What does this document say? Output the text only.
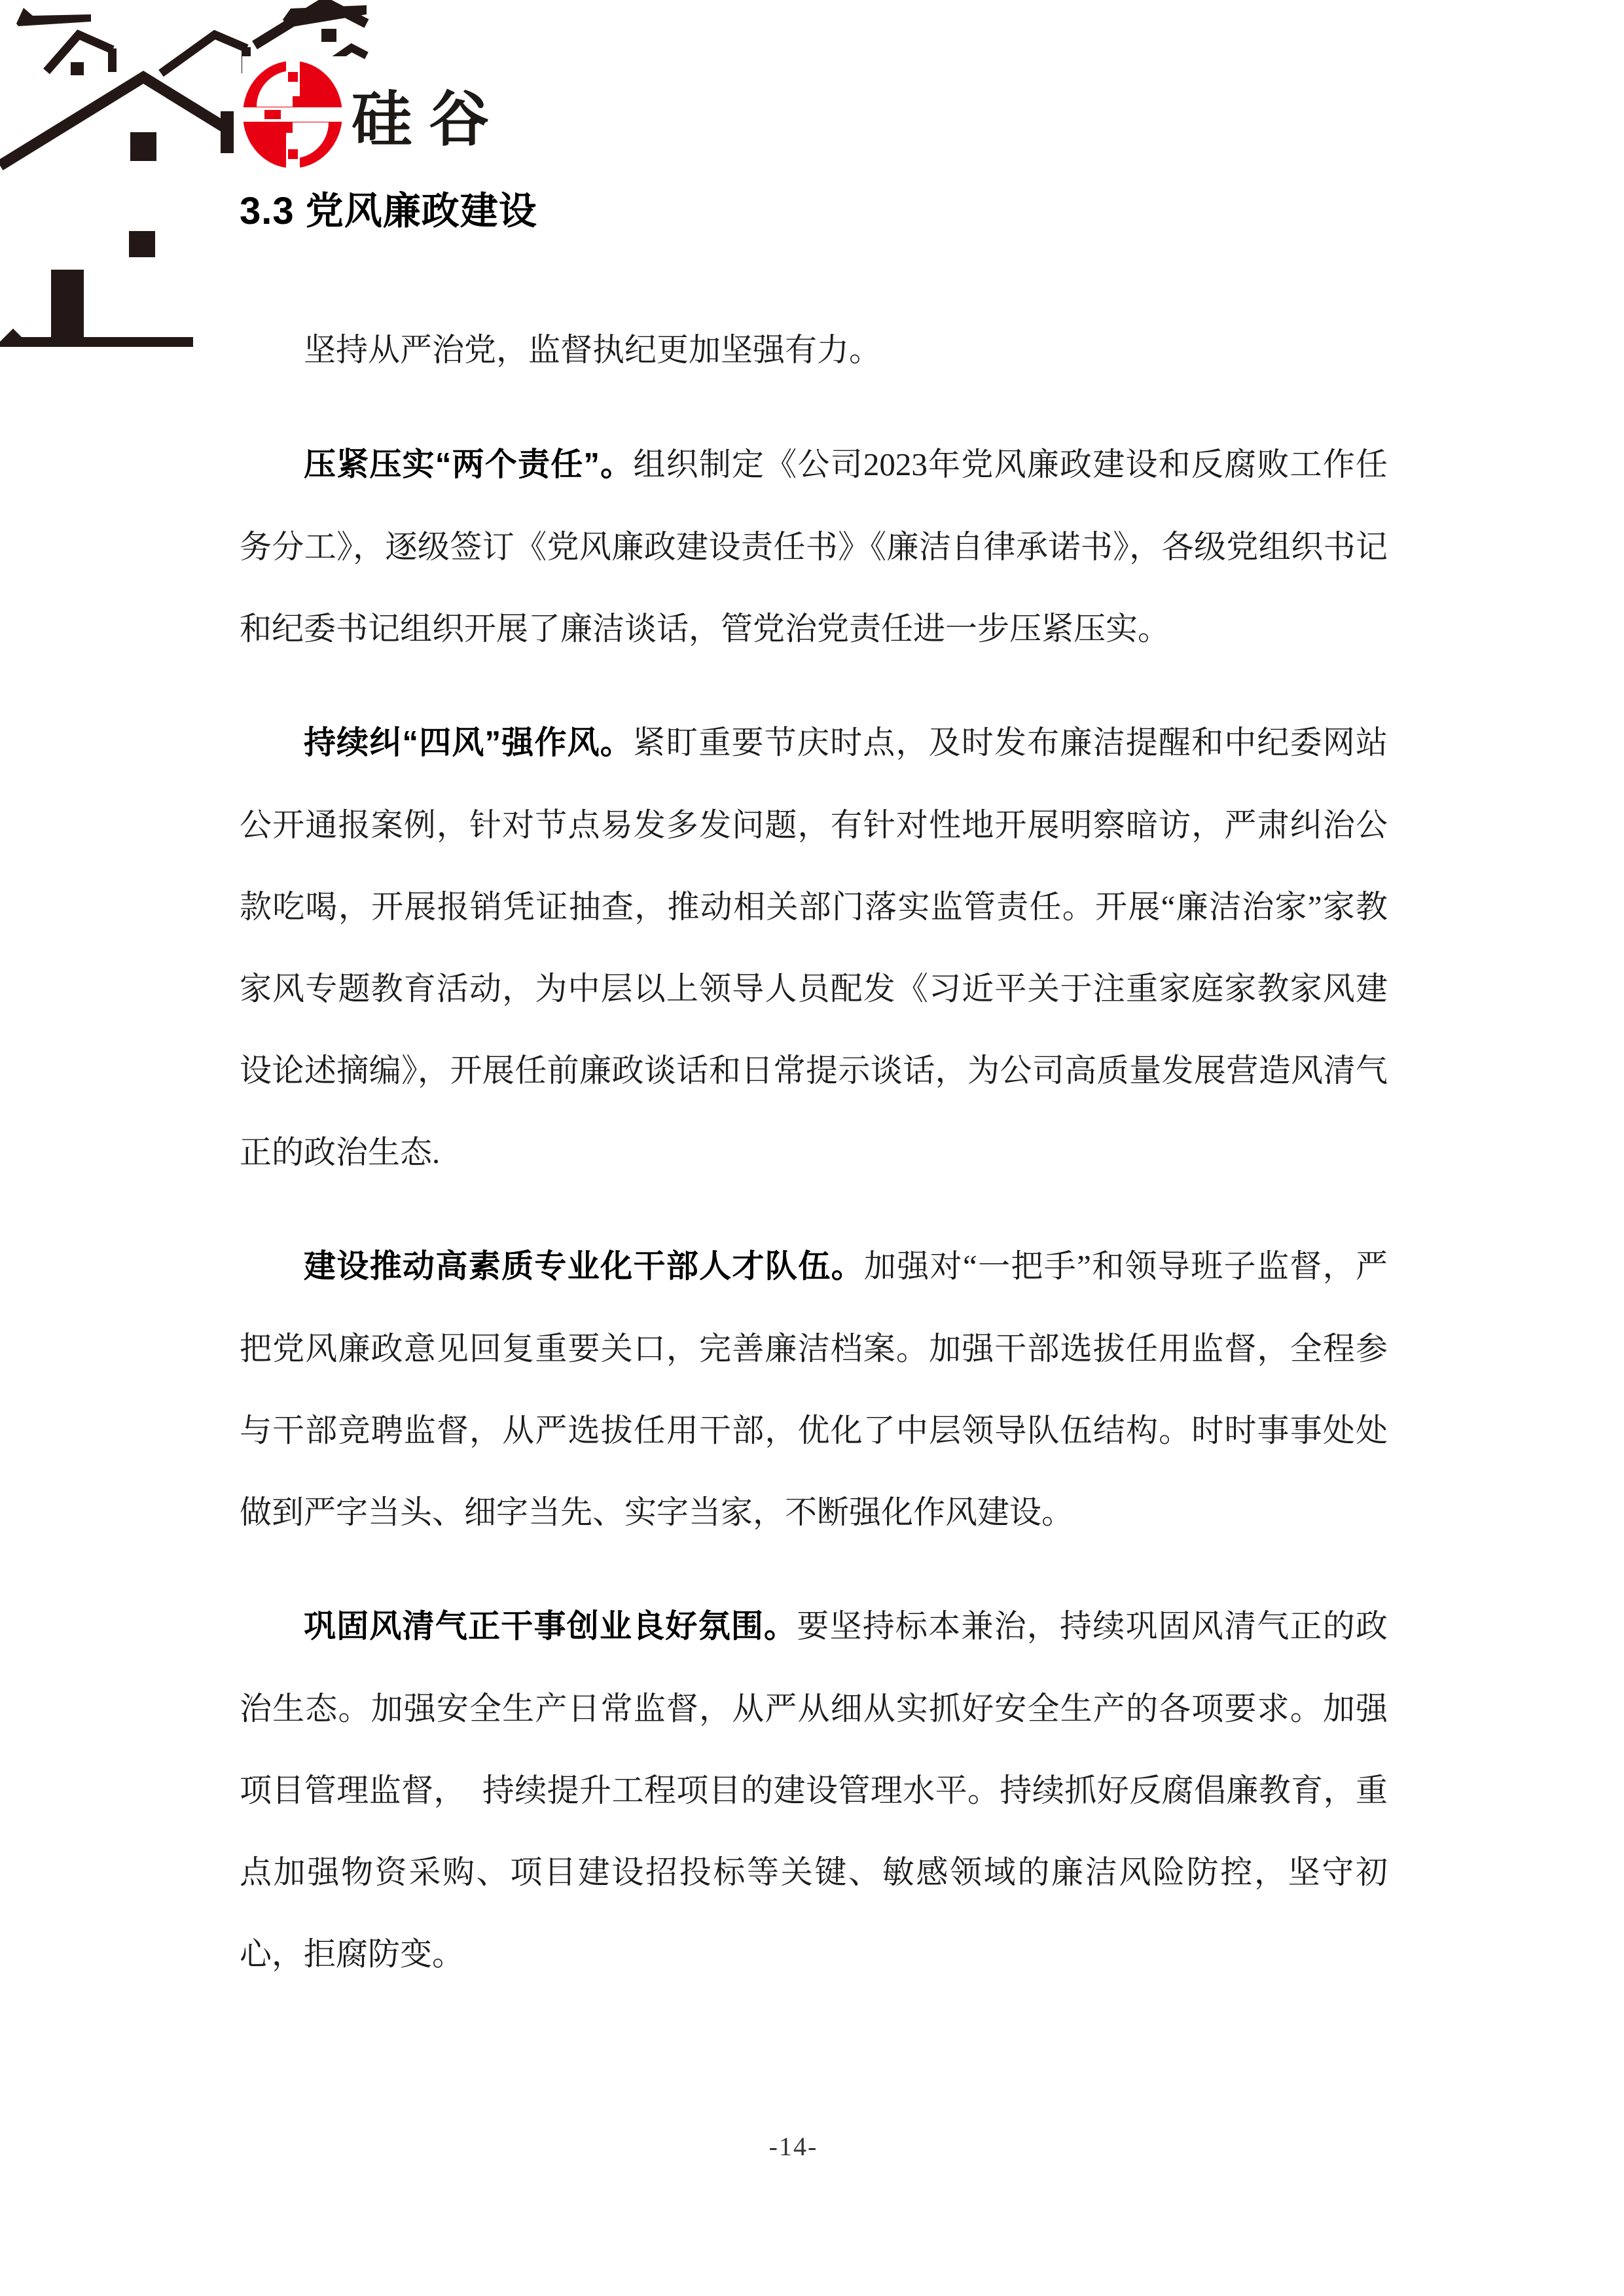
硅谷
3.3 党风廉政建设

坚持从严治党，监督执纪更加坚强有力。

压紧压实“两个责任”。组织制定《公司2023年党风廉政建设和反腐败工作任务分工》，逐级签订《党风廉政建设责任书》《廉洁自律承诺书》，各级党组织书记和纪委书记组织开展了廉洁谈话，管党治党责任进一步压紧压实。

持续纠“四风”强作风。紧盯重要节庆时点，及时发布廉洁提醒和中纪委网站公开通报案例，针对节点易发多发问题，有针对性地开展明察暗访，严肃纠治公款吃喝，开展报销凭证抽查，推动相关部门落实监管责任。开展“廉洁治家”家教家风专题教育活动，为中层以上领导人员配发《习近平关于注重家庭家教家风建设论述摘编》，开展任前廉政谈话和日常提示谈话，为公司高质量发展营造风清气正的政治生态.

建设推动高素质专业化干部人才队伍。加强对“一把手”和领导班子监督，严把党风廉政意见回复重要关口，完善廉洁档案。加强干部选拔任用监督，全程参与干部竞聘监督，从严选拔任用干部，优化了中层领导队伍结构。时时事事处处做到严字当头、细字当先、实字当家，不断强化作风建设。

巩固风清气正干事创业良好氛围。要坚持标本兼治，持续巩固风清气正的政治生态。加强安全生产日常监督，从严从细从实抓好安全生产的各项要求。加强项目管理监督，　持续提升工程项目的建设管理水平。持续抓好反腐倡廉教育，重点加强物资采购、项目建设招投标等关键、敏感领域的廉洁风险防控，坚守初心，拒腐防变。

-14-
